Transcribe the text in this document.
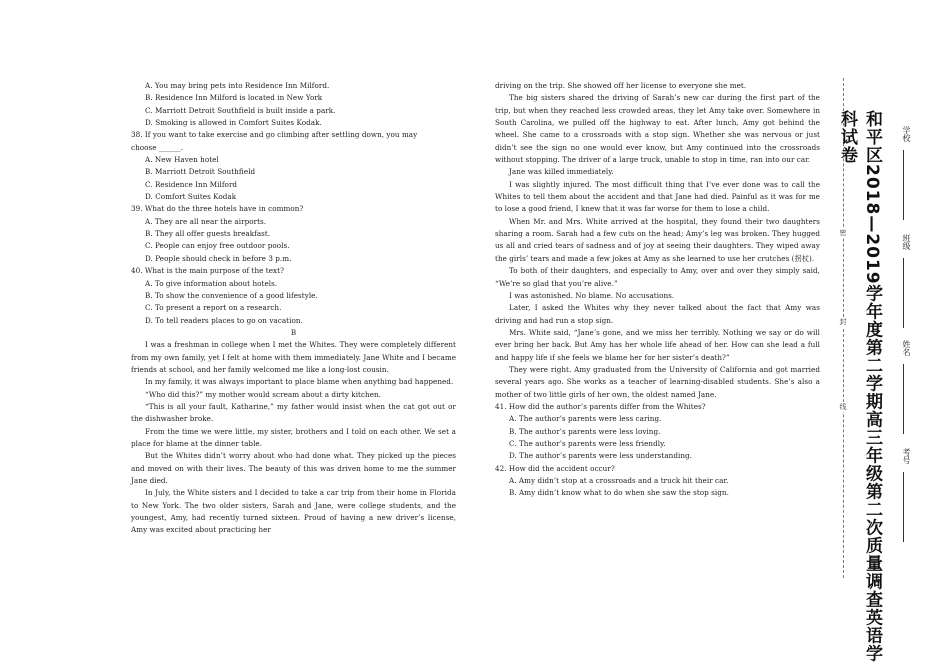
A. You may bring pets into Residence Inn Milford.
B. Residence Inn Milford is located in New York
C. Marriott Detroit Southfield is built inside a park.
D. Smoking is allowed in Comfort Suites Kodak.
38. If you want to take exercise and go climbing after settling down, you may
choose ______.
A. New Haven hotel
B. Marriott Detroit Southfield
C. Residence Inn Milford
D. Comfort Suites Kodak
39. What do the three hotels have in common?
A. They are all near the airports.
B. They all offer guests breakfast.
C. People can enjoy free outdoor pools.
D. People should check in before 3 p.m.
40. What is the main purpose of the text?
A. To give information about hotels.
B. To show the convenience of a good lifestyle.
C. To present a report on a research.
D. To tell readers places to go on vacation.
B

I was a freshman in college when I met the Whites. They were completely different from my own family, yet I felt at home with them immediately. Jane White and I became friends at school, and her family welcomed me like a long-lost cousin.

In my family, it was always important to place blame when anything bad happened.

“Who did this?” my mother would scream about a dirty kitchen.

“This is all your fault, Katharine,” my father would insist when the cat got out or the dishwasher broke.

From the time we were little, my sister, brothers and I told on each other. We set a place for blame at the dinner table.

But the Whites didn’t worry about who had done what. They picked up the pieces and moved on with their lives. The beauty of this was driven home to me the summer Jane died.

In July, the White sisters and I decided to take a car trip from their home in Florida to New York. The two older sisters, Sarah and Jane, were college students, and the youngest, Amy, had recently turned sixteen. Proud of having a new driver’s license, Amy was excited about practicing her

driving on the trip. She showed off her license to everyone she met.

The big sisters shared the driving of Sarah’s new car during the first part of the trip, but when they reached less crowded areas, they let Amy take over. Somewhere in South Carolina, we pulled off the highway to eat. After lunch, Amy got behind the wheel. She came to a crossroads with a stop sign. Whether she was nervous or just didn’t see the sign no one would ever know, but Amy continued into the crossroads without stopping. The driver of a large truck, unable to stop in time, ran into our car.

Jane was killed immediately.

I was slightly injured. The most difficult thing that I’ve ever done was to call the Whites to tell them about the accident and that Jane had died. Painful as it was for me to lose a good friend, I knew that it was far worse for them to lose a child.

When Mr. and Mrs. White arrived at the hospital, they found their two daughters sharing a room. Sarah had a few cuts on the head; Amy’s leg was broken. They hugged us all and cried tears of sadness and of joy at seeing their daughters. They wiped away the girls’ tears and made a few jokes at Amy as she learned to use her crutches (拐杖).

To both of their daughters, and especially to Amy, over and over they simply said, “We’re so glad that you’re alive.”

I was astonished. No blame. No accusations.

Later, I asked the Whites why they never talked about the fact that Amy was driving and had run a stop sign.

Mrs. White said, “Jane’s gone, and we miss her terribly. Nothing we say or do will ever bring her back. But Amy has her whole life ahead of her. How can she lead a full and happy life if she feels we blame her for her sister’s death?”

They were right. Amy graduated from the University of California and got married several years ago. She works as a teacher of learning-disabled students. She’s also a mother of two little girls of her own, the oldest named Jane.

41. How did the author’s parents differ from the Whites?
A. The author’s parents were less caring.
B. The author’s parents were less loving.
C. The author’s parents were less friendly.
D. The author’s parents were less understanding.
42. How did the accident occur?
A. Amy didn’t stop at a crossroads and a truck hit their car.
B. Amy didn’t know what to do when she saw the stop sign.
密
封
线 和平区2018—2019学年度第二学期高三年级第二次质量调查英语学科试卷	学校
班级
姓名
考号
